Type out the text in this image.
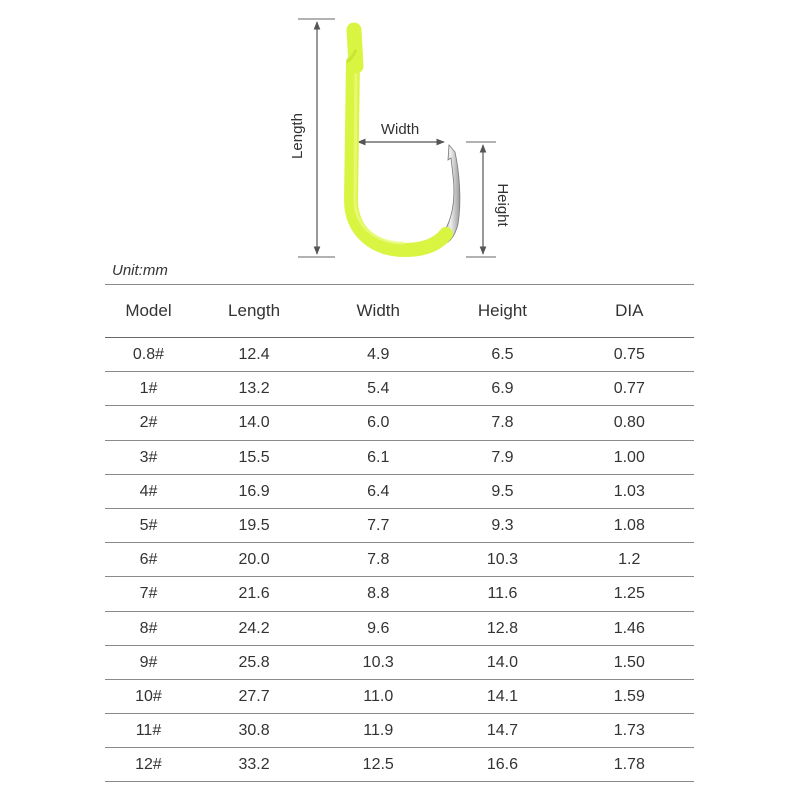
Length	Width
Height
Unit:mm
Model	Length	Width	Height	DIA
0.8#	12.4	4.9	6.5	0.75
1#	13.2	5.4	6.9	0.77
2#	14.0	6.0	7.8	0.80
3#	15.5	6.1	7.9	1.00
4#	16.9	6.4	9.5	1.03
5#	19.5	7.7	9.3	1.08
6#	20.0	7.8	10.3	1.2
7#	21.6	8.8	11.6	1.25
8#	24.2	9.6	12.8	1.46
9#	25.8	10.3	14.0	1.50
10#	27.7	11.0	14.1	1.59
11#	30.8	11.9	14.7	1.73
12#	33.2	12.5	16.6	1.78
